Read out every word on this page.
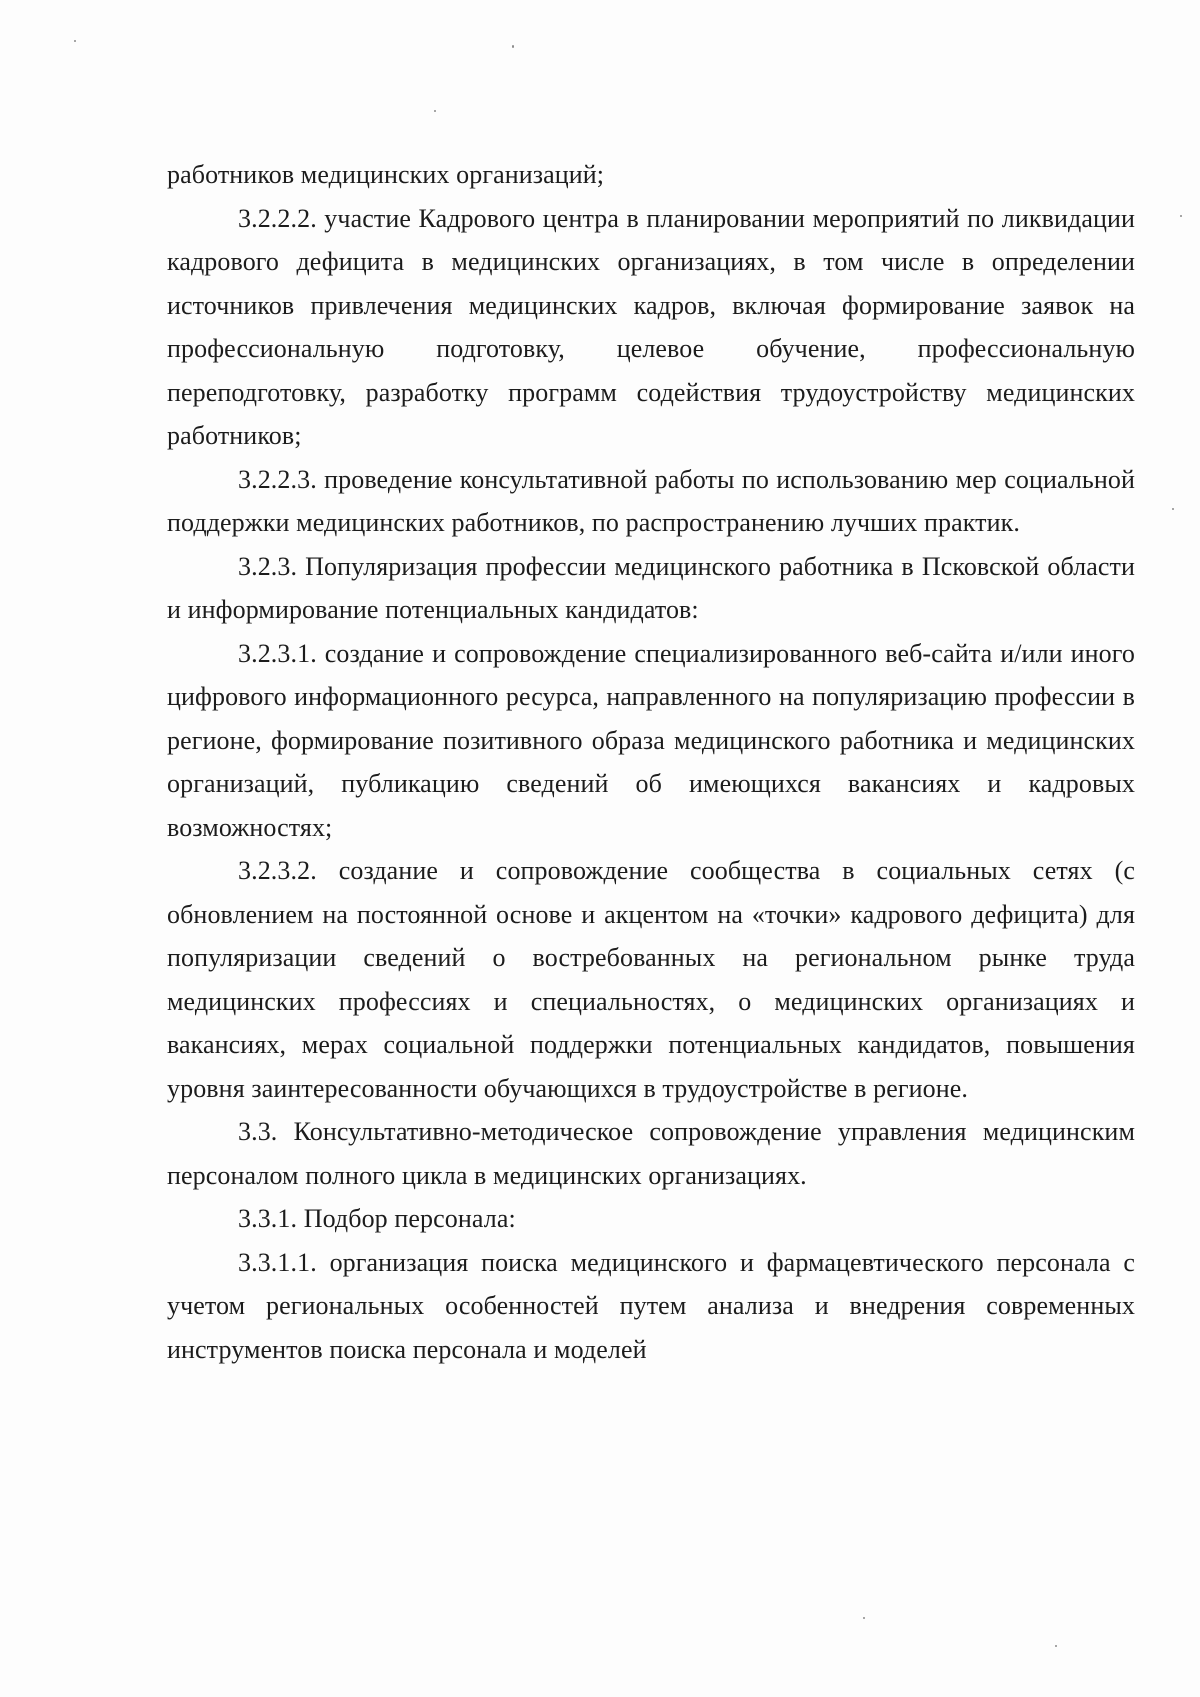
работников медицинских организаций;

3.2.2.2. участие Кадрового центра в планировании мероприятий по ликвидации кадрового дефицита в медицинских организациях, в том числе в определении источников привлечения медицинских кадров, включая формирование заявок на профессиональную подготовку, целевое обучение, профессиональную переподготовку, разработку программ содействия трудоустройству медицинских работников;

3.2.2.3. проведение консультативной работы по использованию мер социальной поддержки медицинских работников, по распространению лучших практик.

3.2.3. Популяризация профессии медицинского работника в Псковской области и информирование потенциальных кандидатов:

3.2.3.1. создание и сопровождение специализированного веб-сайта и/или иного цифрового информационного ресурса, направленного на популяризацию профессии в регионе, формирование позитивного образа медицинского работника и медицинских организаций, публикацию сведений об имеющихся вакансиях и кадровых возможностях;

3.2.3.2. создание и сопровождение сообщества в социальных сетях (с обновлением на постоянной основе и акцентом на «точки» кадрового дефицита) для популяризации сведений о востребованных на региональном рынке труда медицинских профессиях и специальностях, о медицинских организациях и вакансиях, мерах социальной поддержки потенциальных кандидатов, повышения уровня заинтересованности обучающихся в трудоустройстве в регионе.

3.3. Консультативно-методическое сопровождение управления медицинским персоналом полного цикла в медицинских организациях.

3.3.1. Подбор персонала:

3.3.1.1. организация поиска медицинского и фармацевтического персонала с учетом региональных особенностей путем анализа и внедрения современных инструментов поиска персонала и моделей
